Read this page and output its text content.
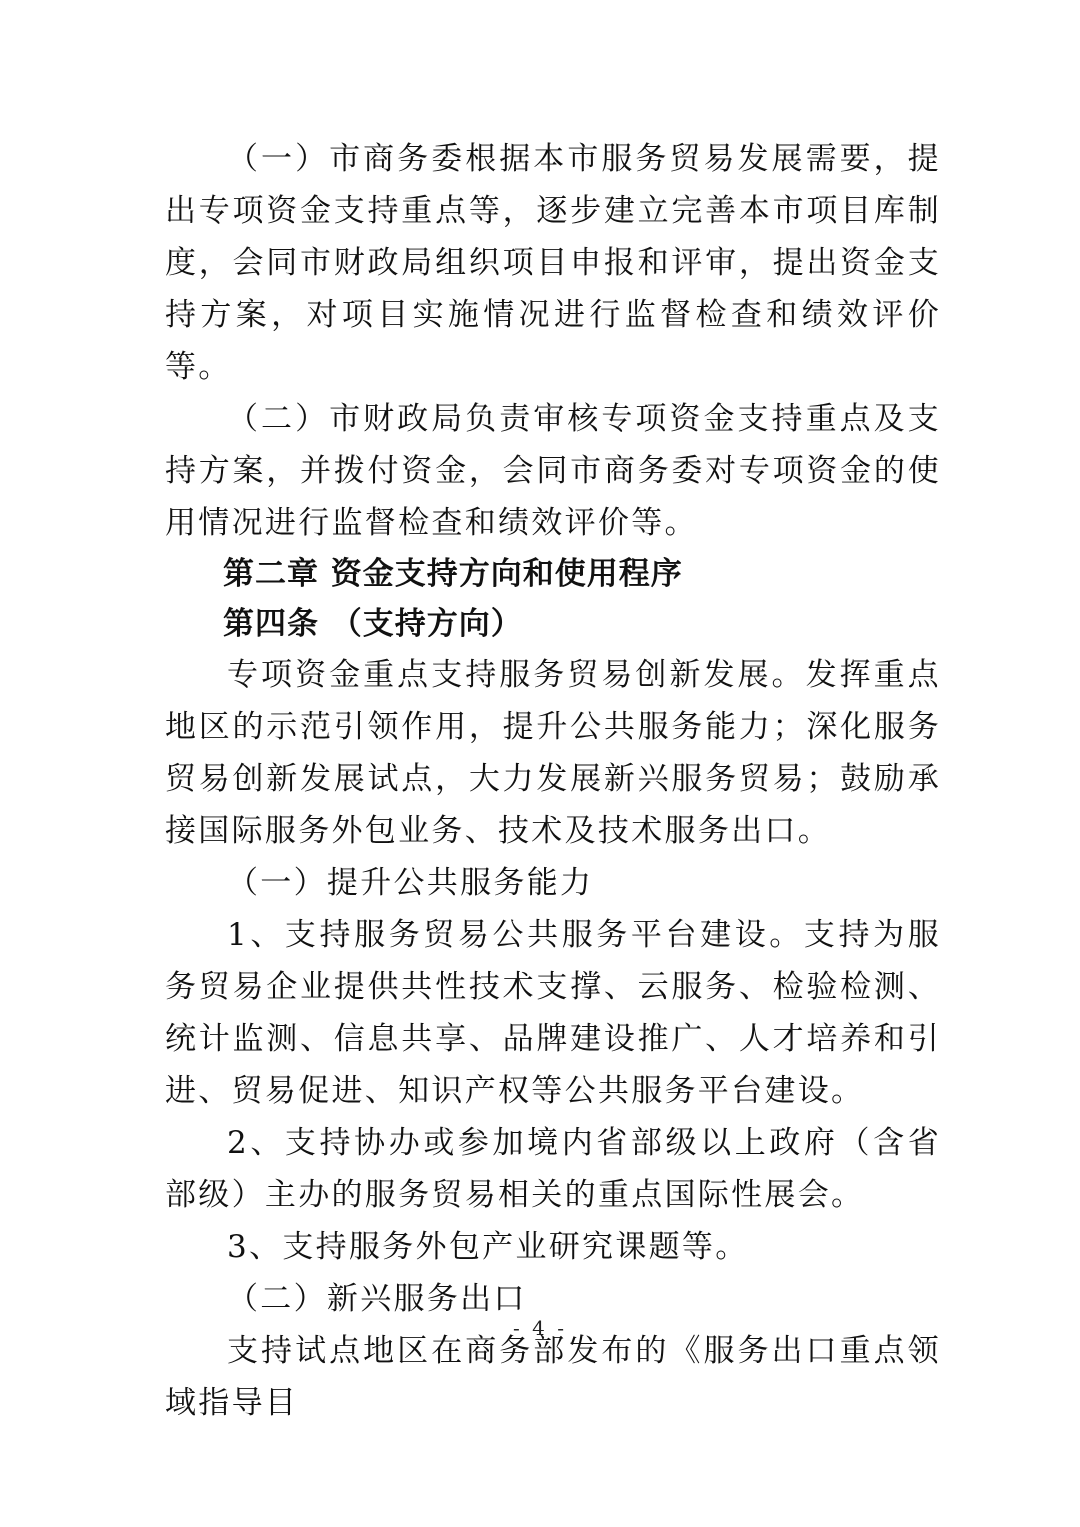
（一）市商务委根据本市服务贸易发展需要，提出专项资金支持重点等，逐步建立完善本市项目库制度，会同市财政局组织项目申报和评审，提出资金支持方案，对项目实施情况进行监督检查和绩效评价等。

（二）市财政局负责审核专项资金支持重点及支持方案，并拨付资金，会同市商务委对专项资金的使用情况进行监督检查和绩效评价等。

第二章 资金支持方向和使用程序

第四条 （支持方向）

专项资金重点支持服务贸易创新发展。发挥重点地区的示范引领作用，提升公共服务能力；深化服务贸易创新发展试点，大力发展新兴服务贸易；鼓励承接国际服务外包业务、技术及技术服务出口。

（一）提升公共服务能力

1、支持服务贸易公共服务平台建设。支持为服务贸易企业提供共性技术支撑、云服务、检验检测、统计监测、信息共享、品牌建设推广、人才培养和引进、贸易促进、知识产权等公共服务平台建设。

2、支持协办或参加境内省部级以上政府（含省部级）主办的服务贸易相关的重点国际性展会。

3、支持服务外包产业研究课题等。

（二）新兴服务出口

支持试点地区在商务部发布的《服务出口重点领域指导目

- 4 -
